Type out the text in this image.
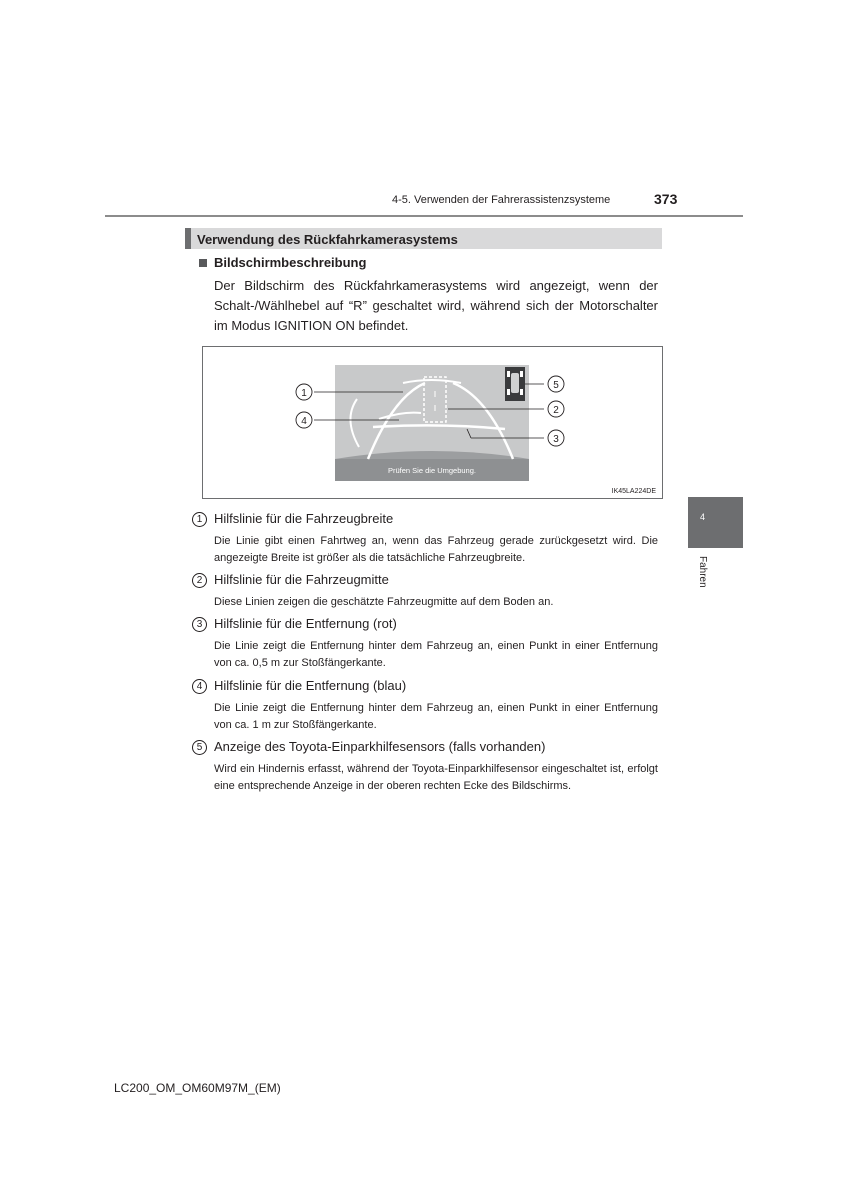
4-5. Verwenden der Fahrerassistenzsysteme	373
Verwendung des Rückfahrkamerasystems
Bildschirmbeschreibung
Der Bildschirm des Rückfahrkamerasystems wird angezeigt, wenn der Schalt-/Wählhebel auf “R” geschaltet wird, während sich der Motorschalter im Modus IGNITION ON befindet.
1
4
5
2
3
Prüfen Sie die Umgebung.
IK45LA224DE
1 Hilfslinie für die Fahrzeugbreite
Die Linie gibt einen Fahrtweg an, wenn das Fahrzeug gerade zurückgesetzt wird. Die angezeigte Breite ist größer als die tatsächliche Fahrzeugbreite.
2 Hilfslinie für die Fahrzeugmitte
Diese Linien zeigen die geschätzte Fahrzeugmitte auf dem Boden an.
3 Hilfslinie für die Entfernung (rot)
Die Linie zeigt die Entfernung hinter dem Fahrzeug an, einen Punkt in einer Entfernung von ca. 0,5 m zur Stoßfängerkante.
4 Hilfslinie für die Entfernung (blau)
Die Linie zeigt die Entfernung hinter dem Fahrzeug an, einen Punkt in einer Entfernung von ca. 1 m zur Stoßfängerkante.
5 Anzeige des Toyota-Einparkhilfesensors (falls vorhanden)
Wird ein Hindernis erfasst, während der Toyota-Einparkhilfesensor eingeschaltet ist, erfolgt eine entsprechende Anzeige in der oberen rechten Ecke des Bildschirms.
4
Fahren
LC200_OM_OM60M97M_(EM)
